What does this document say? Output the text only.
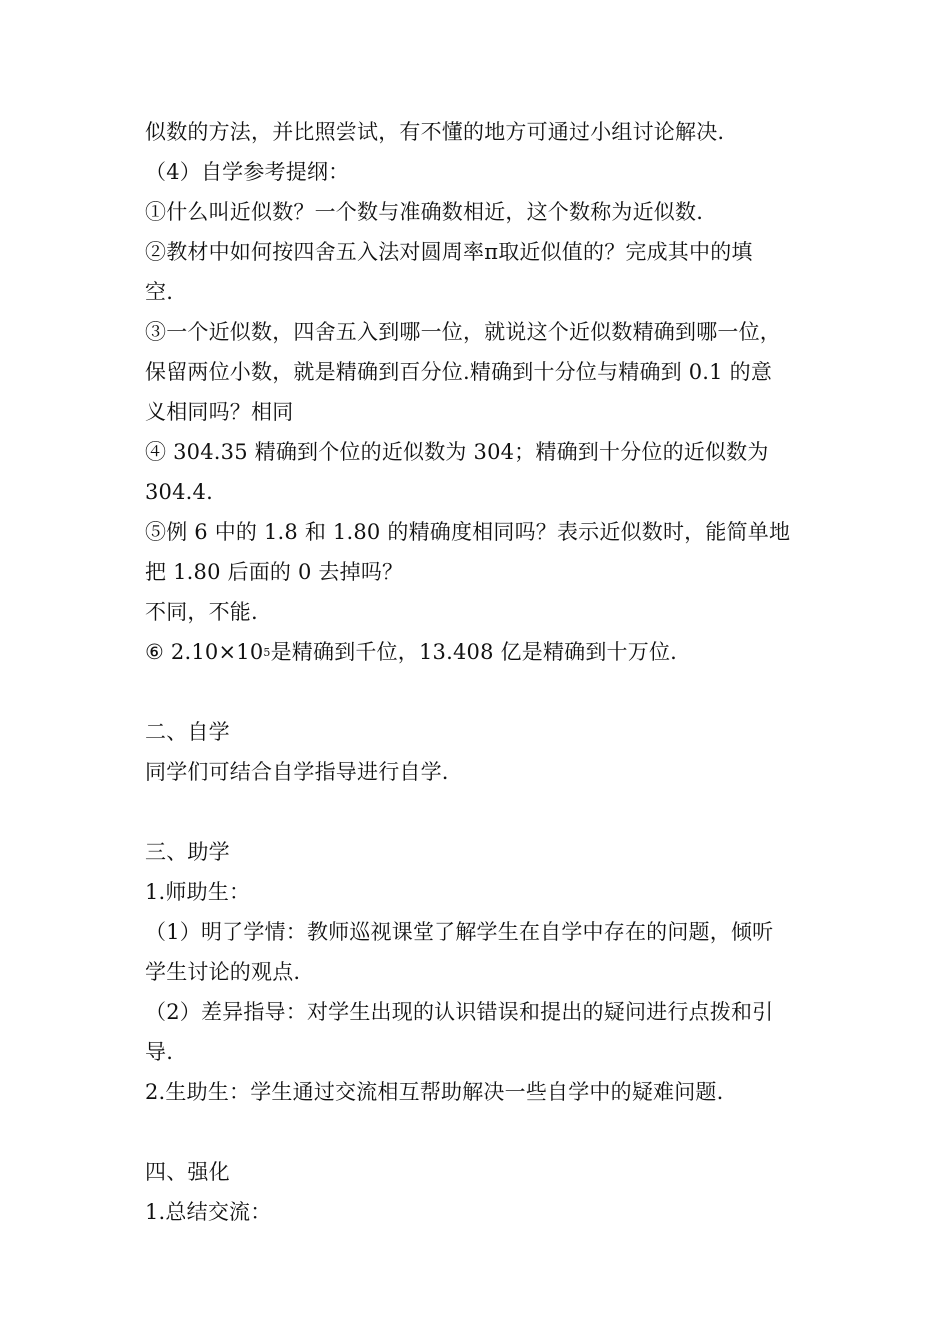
似数的方法，并比照尝试，有不懂的地方可通过小组讨论解决.
（4）自学参考提纲：
①什么叫近似数？一个数与准确数相近，这个数称为近似数.
②教材中如何按四舍五入法对圆周率π取近似值的？完成其中的填
空.
③一个近似数，四舍五入到哪一位，就说这个近似数精确到哪一位，
保留两位小数，就是精确到百分位.精确到十分位与精确到 0.1 的意
义相同吗？相同
④ 304.35 精确到个位的近似数为 304；精确到十分位的近似数为
304.4.
⑤例 6 中的 1.8 和 1.80 的精确度相同吗？表示近似数时，能简单地
把 1.80 后面的 0 去掉吗？
不同，不能.
⑥ $2.10\times 10^5$是精确到千位，13.408 亿是精确到十万位.
二、自学
同学们可结合自学指导进行自学.
三、助学
1.师助生：
（1）明了学情：教师巡视课堂了解学生在自学中存在的问题，倾听
学生讨论的观点.
（2）差异指导：对学生出现的认识错误和提出的疑问进行点拨和引
导.
2.生助生：学生通过交流相互帮助解决一些自学中的疑难问题.
四、强化
1.总结交流：
